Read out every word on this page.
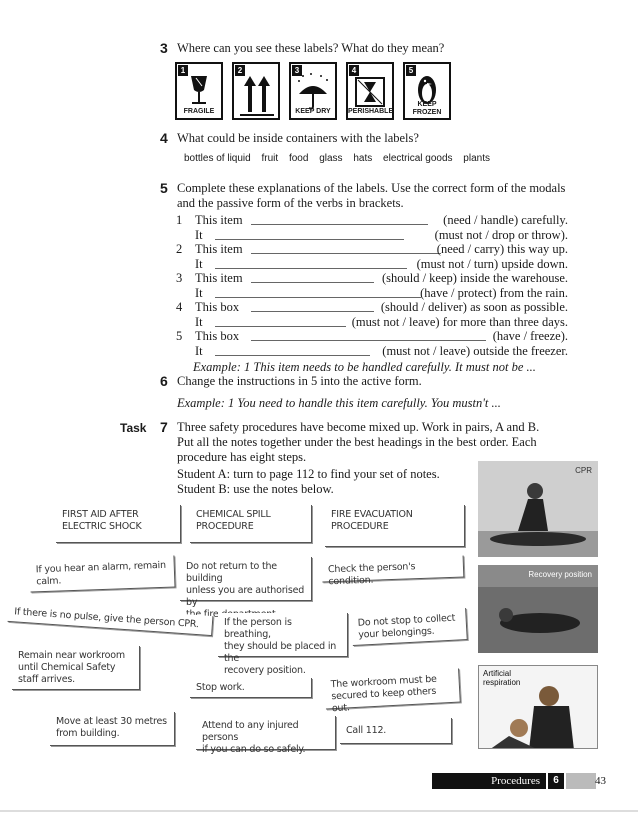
3 Where can you see these labels? What do they mean?
1
FRAGILE
2	3
KEEP DRY
4
PERISHABLE
5
KEEP FROZEN
4 What could be inside containers with the labels?
bottles of liquid fruit food glass hats electrical goods plants
5 Complete these explanations of the labels. Use the correct form of the modals
and the passive form of the verbs in brackets.
1 This item	(need / handle) carefully.
It	(must not / drop or throw).
2 This item	(need / carry) this way up.
It	(must not / turn) upside down.
3 This item	(should / keep) inside the warehouse.
It	(have / protect) from the rain.
4 This box	(should / deliver) as soon as possible.
It	(must not / leave) for more than three days.
5 This box	(have / freeze).
It	(must not / leave) outside the freezer.
Example: 1 This item needs to be handled carefully. It must not be ...
6 Change the instructions in 5 into the active form.
Example: 1 You need to handle this item carefully. You mustn't ...
Task 7 Three safety procedures have become mixed up. Work in pairs, A and B.
Put all the notes together under the best headings in the best order. Each
procedure has eight steps.
Student A: turn to page 112 to find your set of notes.
Student B: use the notes below.
FIRST AID AFTER
ELECTRIC SHOCK
CHEMICAL SPILL
PROCEDURE
FIRE EVACUATION
PROCEDURE
If you hear an alarm, remain
calm.
Do not return to the building
unless you are authorised by
fire
Check the person's condition.
If there is no pulse, give the person CPR.	If the person is breathing,
they should be placed in the
recovery position.
Do not stop to collect
your belongings.
Remain near workroom
until Chemical Safety
staff arrives.
Stop work.	The workroom must be
secured to keep others out.
Move at least 30 metres
from building.
Attend to any injured persons
if you can do so safely.
Call 112.
CPR
Recovery position
Artificial
respiration
Procedures	6	43
